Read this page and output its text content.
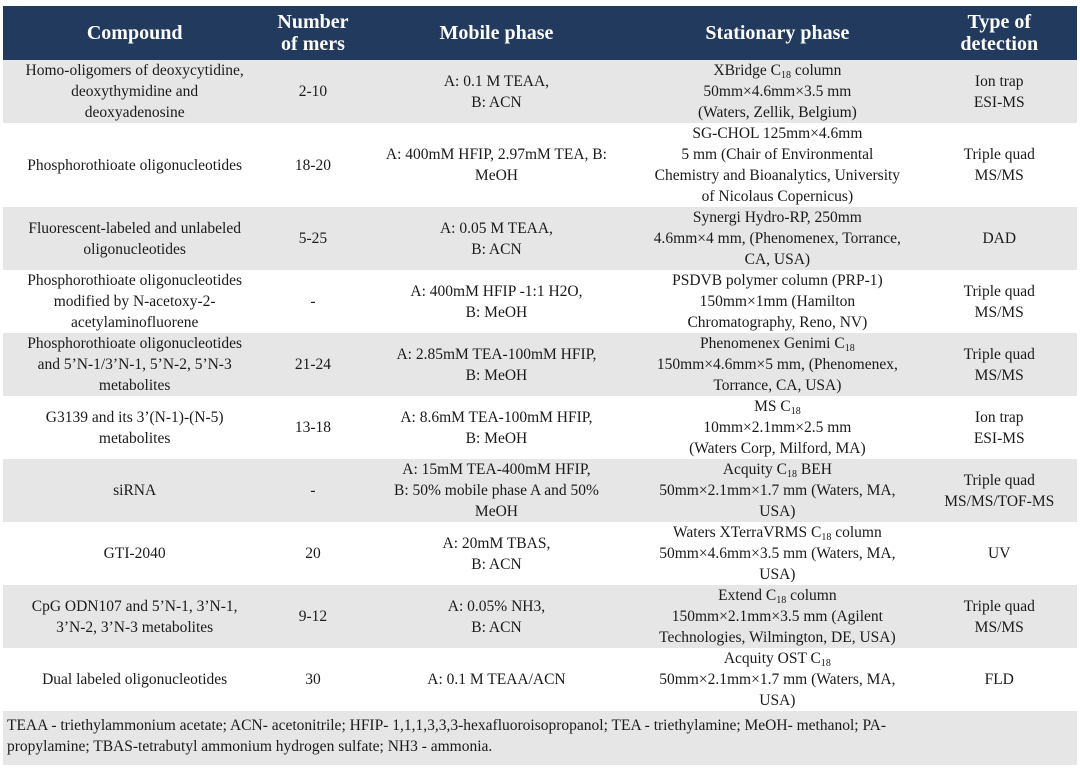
Compound	Number
of mers	Mobile phase	Stationary phase	Type of
detection

Homo-oligomers of deoxycytidine,
deoxythymidine and
deoxyadenosine	2-10	A: 0.1 M TEAA,
B: ACN	XBridge $C_{18}$ column
50mm×4.6mm×3.5 mm
(Waters, Zellik, Belgium)	Ion trap
ESI-MS

Phosphorothioate oligonucleotides	18-20	A: 400mM HFIP, 2.97mM TEA, B:
MeOH	SG-CHOL 125mm×4.6mm
5 mm (Chair of Environmental
Chemistry and Bioanalytics, University
of Nicolaus Copernicus)	Triple quad
MS/MS

Fluorescent-labeled and unlabeled
oligonucleotides	5-25	A: 0.05 M TEAA,
B: ACN	Synergi Hydro-RP, 250mm
4.6mm×4 mm, (Phenomenex, Torrance,
CA, USA)	DAD

Phosphorothioate oligonucleotides
modified by N-acetoxy-2-
acetylaminofluorene	-	A: 400mM HFIP -1:1 H2O,
B: MeOH	PSDVB polymer column (PRP-1)
150mm×1mm (Hamilton
Chromatography, Reno, NV)	Triple quad
MS/MS

Phosphorothioate oligonucleotides
and 5’N-1/3’N-1, 5’N-2, 5’N-3
metabolites	21-24	A: 2.85mM TEA-100mM HFIP,
B: MeOH	Phenomenex Genimi $C_{18}$
150mm×4.6mm×5 mm, (Phenomenex,
Torrance, CA, USA)	Triple quad
MS/MS

G3139 and its 3’(N-1)-(N-5)
metabolites	13-18	A: 8.6mM TEA-100mM HFIP,
B: MeOH	MS $C_{18}$
10mm×2.1mm×2.5 mm
(Waters Corp, Milford, MA)	Ion trap
ESI-MS

siRNA	-	A: 15mM TEA-400mM HFIP,
B: 50% mobile phase A and 50%
MeOH	Acquity $C_{18}$ BEH
50mm×2.1mm×1.7 mm (Waters, MA,
USA)	Triple quad
MS/MS/TOF-MS

GTI-2040	20	A: 20mM TBAS,
B: ACN	Waters XTerraVRMS $C_{18}$ column
50mm×4.6mm×3.5 mm (Waters, MA,
USA)	UV

CpG ODN107 and 5’N-1, 3’N-1,
3’N-2, 3’N-3 metabolites	9-12	A: 0.05% NH3,
B: ACN	Extend $C_{18}$ column
150mm×2.1mm×3.5 mm (Agilent
Technologies, Wilmington, DE, USA)	Triple quad
MS/MS

Dual labeled oligonucleotides	30	A: 0.1 M TEAA/ACN	Acquity OST $C_{18}$
50mm×2.1mm×1.7 mm (Waters, MA,
USA)	FLD

TEAA - triethylammonium acetate; ACN- acetonitrile; HFIP- 1,1,1,3,3,3-hexafluoroisopropanol; TEA - triethylamine; MeOH- methanol; PA-
propylamine; TBAS-tetrabutyl ammonium hydrogen sulfate; NH3 - ammonia.				
